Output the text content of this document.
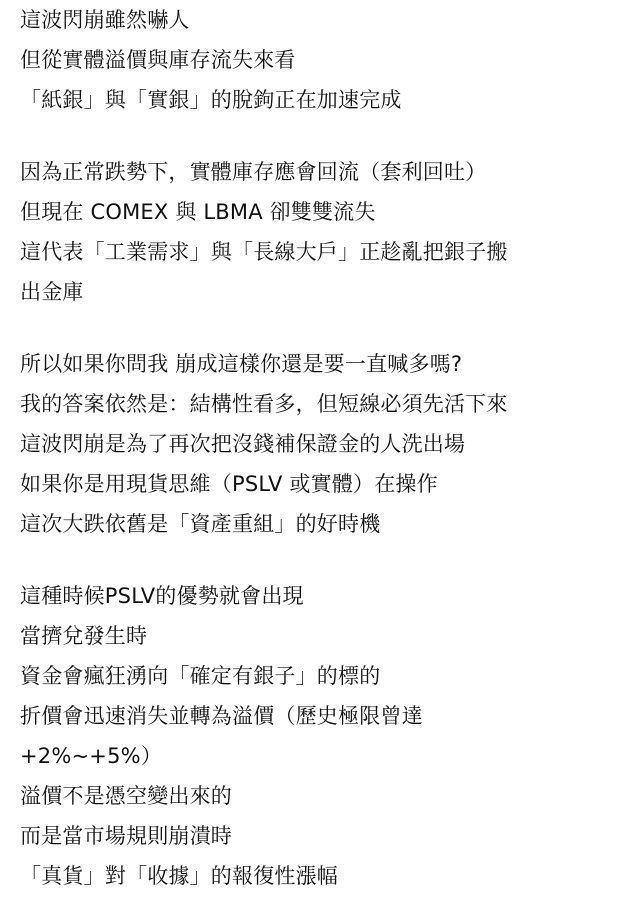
這波閃崩雖然嚇人
但從實體溢價與庫存流失來看
「紙銀」與「實銀」的脫鉤正在加速完成
因為正常跌勢下，實體庫存應會回流（套利回吐）
但現在 COMEX 與 LBMA 卻雙雙流失
這代表「工業需求」與「長線大戶」正趁亂把銀子搬
出金庫
所以如果你問我 崩成這樣你還是要一直喊多嗎?
我的答案依然是：結構性看多，但短線必須先活下來
這波閃崩是為了再次把沒錢補保證金的人洗出場
如果你是用現貨思維（PSLV 或實體）在操作
這次大跌依舊是「資產重組」的好時機
這種時候PSLV的優勢就會出現
當擠兌發生時
資金會瘋狂湧向「確定有銀子」的標的
折價會迅速消失並轉為溢價（歷史極限曾達
+2%~+5%）
溢價不是憑空變出來的
而是當市場規則崩潰時
「真貨」對「收據」的報復性漲幅
